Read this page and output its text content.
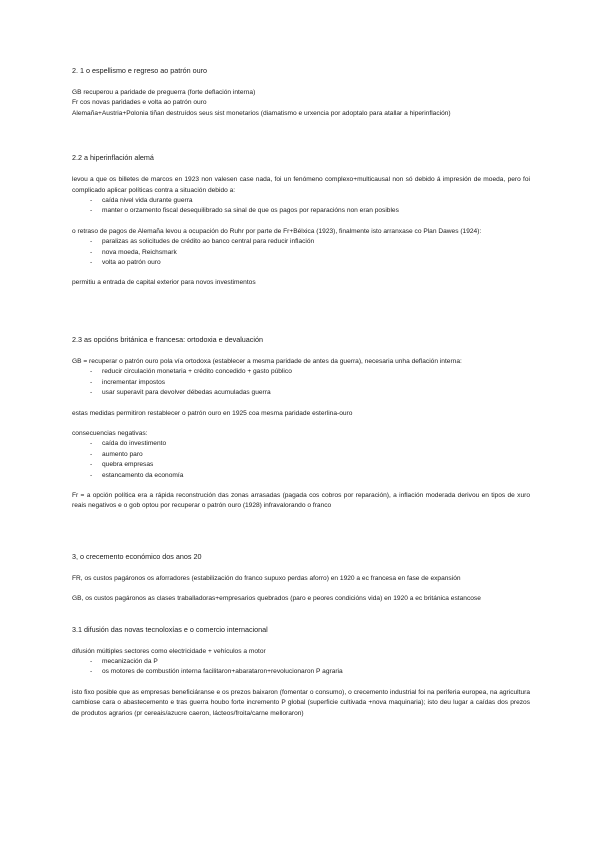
2. 1 o espellismo e regreso ao patrón ouro
GB recuperou a paridade de preguerra (forte deflación interna)
Fr cos novas paridades e volta ao patrón ouro
Alemaña+Austria+Polonia tiñan destruídos seus sist monetarios (diamatismo e urxencia por adoptalo para atallar a hiperinflación)
2.2 a hiperinflación alemá
levou a que os billetes de marcos en 1923 non valesen case nada, foi un fenómeno complexo+multicausal non só debido á impresión de moeda, pero foi complicado aplicar políticas contra a situación debido a:
- caída nivel vida durante guerra
- manter o orzamento fiscal desequilibrado sa sinal de que os pagos por reparacións non eran posibles
o retraso de pagos de Alemaña levou a ocupación do Ruhr por parte de Fr+Bélxica (1923), finalmente isto arranxase co Plan Dawes (1924):
- paralizas as solicitudes de crédito ao banco central para reducir inflación
- nova moeda, Reichsmark
- volta ao patrón ouro
permitiu a entrada de capital exterior para novos investimentos
2.3 as opcións británica e francesa: ortodoxia e devaluación
GB = recuperar o patrón ouro pola vía ortodoxa (establecer a mesma paridade de antes da guerra), necesaria unha deflación interna:
- reducir circulación monetaria + crédito concedido + gasto público
- incrementar impostos
- usar superavit para devolver débedas acumuladas guerra
estas medidas permitiron restablecer o patrón ouro en 1925 coa mesma paridade esterlina-ouro
consecuencias negativas:
- caída do investimento
- aumento paro
- quebra empresas
- estancamento da economía
Fr = a opción política era a rápida reconstrución das zonas arrasadas (pagada cos cobros por reparación), a inflación moderada derivou en tipos de xuro reais negativos e o gob optou por recuperar o patrón ouro (1928) infravalorando o franco
3, o crecemento económico dos anos 20
FR, os custos pagáronos os aforradores (estabilización do franco supuxo perdas aforro) en 1920 a ec francesa en fase de expansión
GB, os custos pagáronos as clases traballadoras+empresarios quebrados (paro e peores condicións vida) en 1920 a ec británica estancose
3.1 difusión das novas tecnoloxías e o comercio internacional
difusión múltiples sectores como electricidade + vehículos a motor
- mecanización da P
- os motores de combustión interna facilitaron+abarataron+revolucionaron P agraria
isto fixo posible que as empresas beneficiáranse e os prezos baixaron (fomentar o consumo), o crecemento industrial foi na periferia europea, na agricultura cambiose cara o abastecemento e tras guerra houbo forte incremento P global (superficie cultivada +nova maquinaria); isto deu lugar a caídas dos prezos de produtos agrarios (pr cereais/azucre caeron, lácteos/froita/carne melloraron)
